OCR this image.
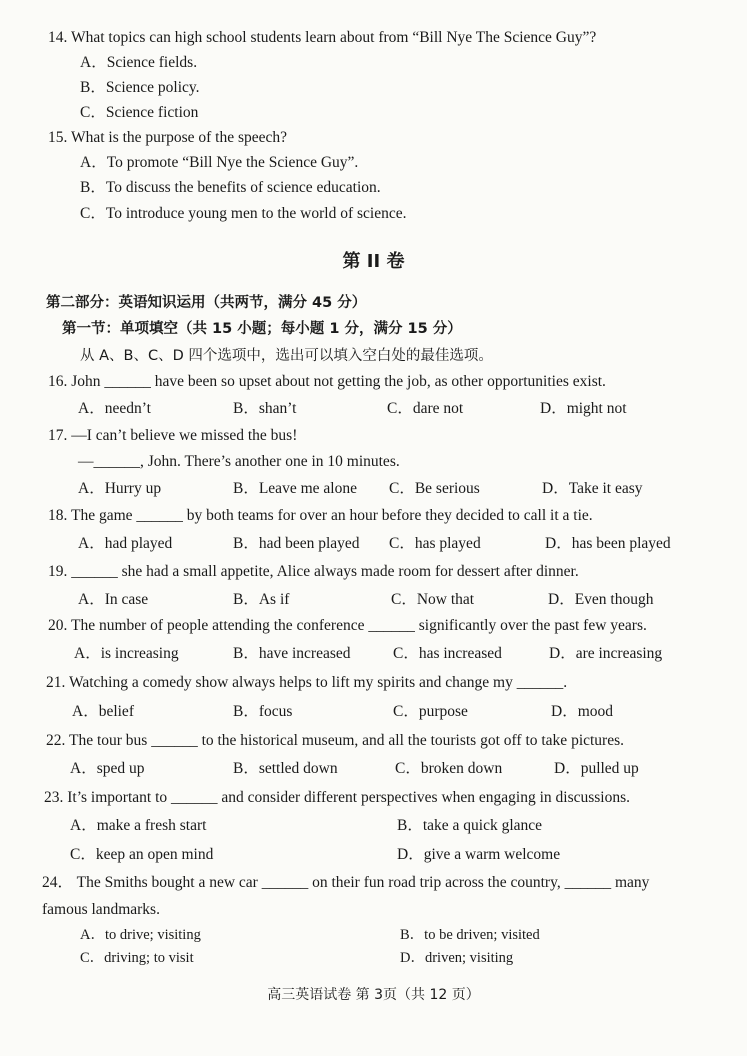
14. What topics can high school students learn about from “Bill Nye The Science Guy”?
A．Science fields.
B．Science policy.
C．Science fiction
15. What is the purpose of the speech?
A．To promote “Bill Nye the Science Guy”.
B．To discuss the benefits of science education.
C．To introduce young men to the world of science.
第 II 卷
第二部分：英语知识运用（共两节，满分 45 分）
第一节：单项填空（共 15 小题；每小题 1 分，满分 15 分）
从 A、B、C、D 四个选项中，选出可以填入空白处的最佳选项。
16. John ______ have been so upset about not getting the job, as other opportunities exist.
A．needn’t	B．shan’t	C．dare not	D．might not
17. —I can’t believe we missed the bus!
—______, John. There’s another one in 10 minutes.
A．Hurry up	B．Leave me alone C．Be serious	D．Take it easy
18. The game ______ by both teams for over an hour before they decided to call it a tie.
A．had played	B．had been played C．has played	D．has been played
19. ______ she had a small appetite, Alice always made room for dessert after dinner.
A．In case	B．As if	C．Now that	D．Even though
20. The number of people attending the conference ______ significantly over the past few years.
A．is increasing	B．have increased	C．has increased	D．are increasing
21. Watching a comedy show always helps to lift my spirits and change my ______.
A．belief	B．focus	C．purpose	D．mood
22. The tour bus ______ to the historical museum, and all the tourists got off to take pictures.
A．sped up	B．settled down	C．broken down	D．pulled up
23. It’s important to ______ and consider different perspectives when engaging in discussions.
A．make a fresh start	B．take a quick glance
C．keep an open mind	D．give a warm welcome
24． The Smiths bought a new car ______ on their fun road trip across the country, ______ many
famous landmarks.
A．to drive; visiting	B．to be driven; visited
C．driving; to visit	D．driven; visiting
高三英语试卷 第 3页（共 12 页）
